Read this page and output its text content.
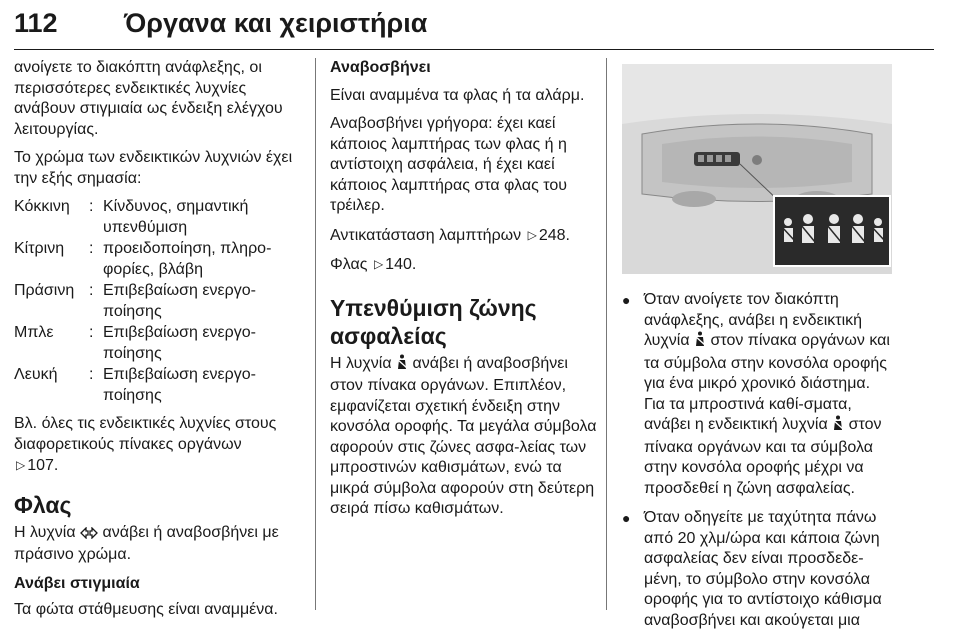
112 Όργανα και χειριστήρια

ανοίγετε το διακόπτη ανάφλεξης, οι περισσότερες ενδεικτικές λυχνίες ανάβουν στιγμιαία ως ένδειξη ελέγχου λειτουργίας.

Το χρώμα των ενδεικτικών λυχνιών έχει την εξής σημασία:

Κόκκινη	: Κίνδυνος, σημαντική υπενθύμιση
Κίτρινη	: προειδοποίηση, πληρο-φορίες, βλάβη
Πράσινη : Επιβεβαίωση ενεργο-ποίησης
Μπλε	: Επιβεβαίωση ενεργο-ποίησης
Λευκή	: Επιβεβαίωση ενεργο-ποίησης

Βλ. όλες τις ενδεικτικές λυχνίες στους διαφορετικούς πίνακες οργάνων
▷ 107.

Φλας

Η λυχνία ανάβει ή αναβοσβήνει με πράσινο χρώμα.

Ανάβει στιγμιαία

Τα φώτα στάθμευσης είναι αναμμένα.

Αναβοσβήνει

Είναι αναμμένα τα φλας ή τα αλάρμ.

Αναβοσβήνει γρήγορα: έχει καεί κάποιος λαμπτήρας των φλας ή η αντίστοιχη ασφάλεια, ή έχει καεί κάποιος λαμπτήρας στα φλας του τρέιλερ.

Αντικατάσταση λαμπτήρων ▷ 248.

Φλας ▷ 140.

Υπενθύμιση ζώνης ασφαλείας

Η λυχνία ανάβει ή αναβοσβήνει στον πίνακα οργάνων. Επιπλέον, εμφανίζεται σχετική ένδειξη στην κονσόλα οροφής. Τα μεγάλα σύμβολα αφορούν στις ζώνες ασφα-λείας των μπροστινών καθισμάτων, ενώ τα μικρά σύμβολα αφορούν στη δεύτερη σειρά πίσω καθισμάτων.

● Όταν ανοίγετε τον διακόπτη ανάφλεξης, ανάβει η ενδεικτική λυχνία στον πίνακα οργάνων και τα σύμβολα στην κονσόλα οροφής για ένα μικρό χρονικό διάστημα. Για τα μπροστινά καθί-σματα, ανάβει η ενδεικτική λυχνία στον πίνακα οργάνων και τα σύμβολα στην κονσόλα οροφής μέχρι να προσδεθεί η ζώνη ασφαλείας.
● Όταν οδηγείτε με ταχύτητα πάνω από 20 χλμ/ώρα και κάποια ζώνη ασφαλείας δεν είναι προσδεδε-μένη, το σύμβολο στην κονσόλα οροφής για το αντίστοιχο κάθισμα αναβοσβήνει και ακούγεται μια
